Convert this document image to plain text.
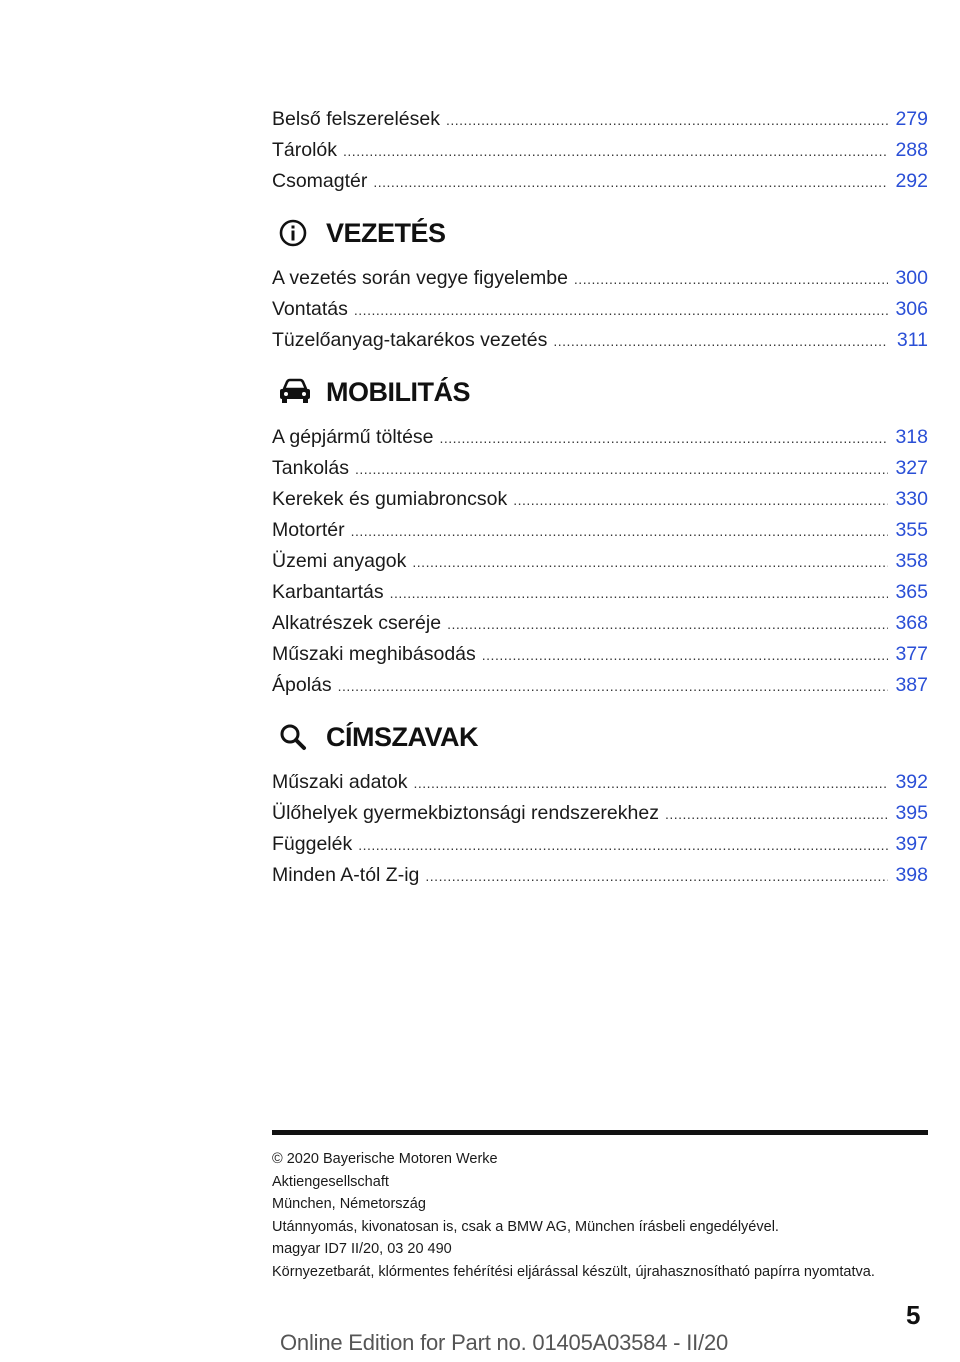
Belső felszerelések .....	279
Tárolók .....	288
Csomagtér .....	292
VEZETÉS
A vezetés során vegye figyelembe .....	300
Vontatás .....	306
Tüzelőanyag-takarékos vezetés .....	311
MOBILITÁS
A gépjármű töltése .....	318
Tankolás .....	327
Kerekek és gumiabroncsok .....	330
Motortér .....	355
Üzemi anyagok .....	358
Karbantartás .....	365
Alkatrészek cseréje .....	368
Műszaki meghibásodás .....	377
Ápolás .....	387
CÍMSZAVAK
Műszaki adatok .....	392
Ülőhelyek gyermekbiztonsági rendszerekhez .....	395
Függelék .....	397
Minden A-tól Z-ig .....	398
© 2020 Bayerische Motoren Werke
Aktiengesellschaft
München, Németország
Utánnyomás, kivonatosan is, csak a BMW AG, München írásbeli engedélyével.
magyar ID7 II/20, 03 20 490
Környezetbarát, klórmentes fehérítési eljárással készült, újrahasznosítható papírra nyomtatva.
5
Online Edition for Part no. 01405A03584 - II/20
